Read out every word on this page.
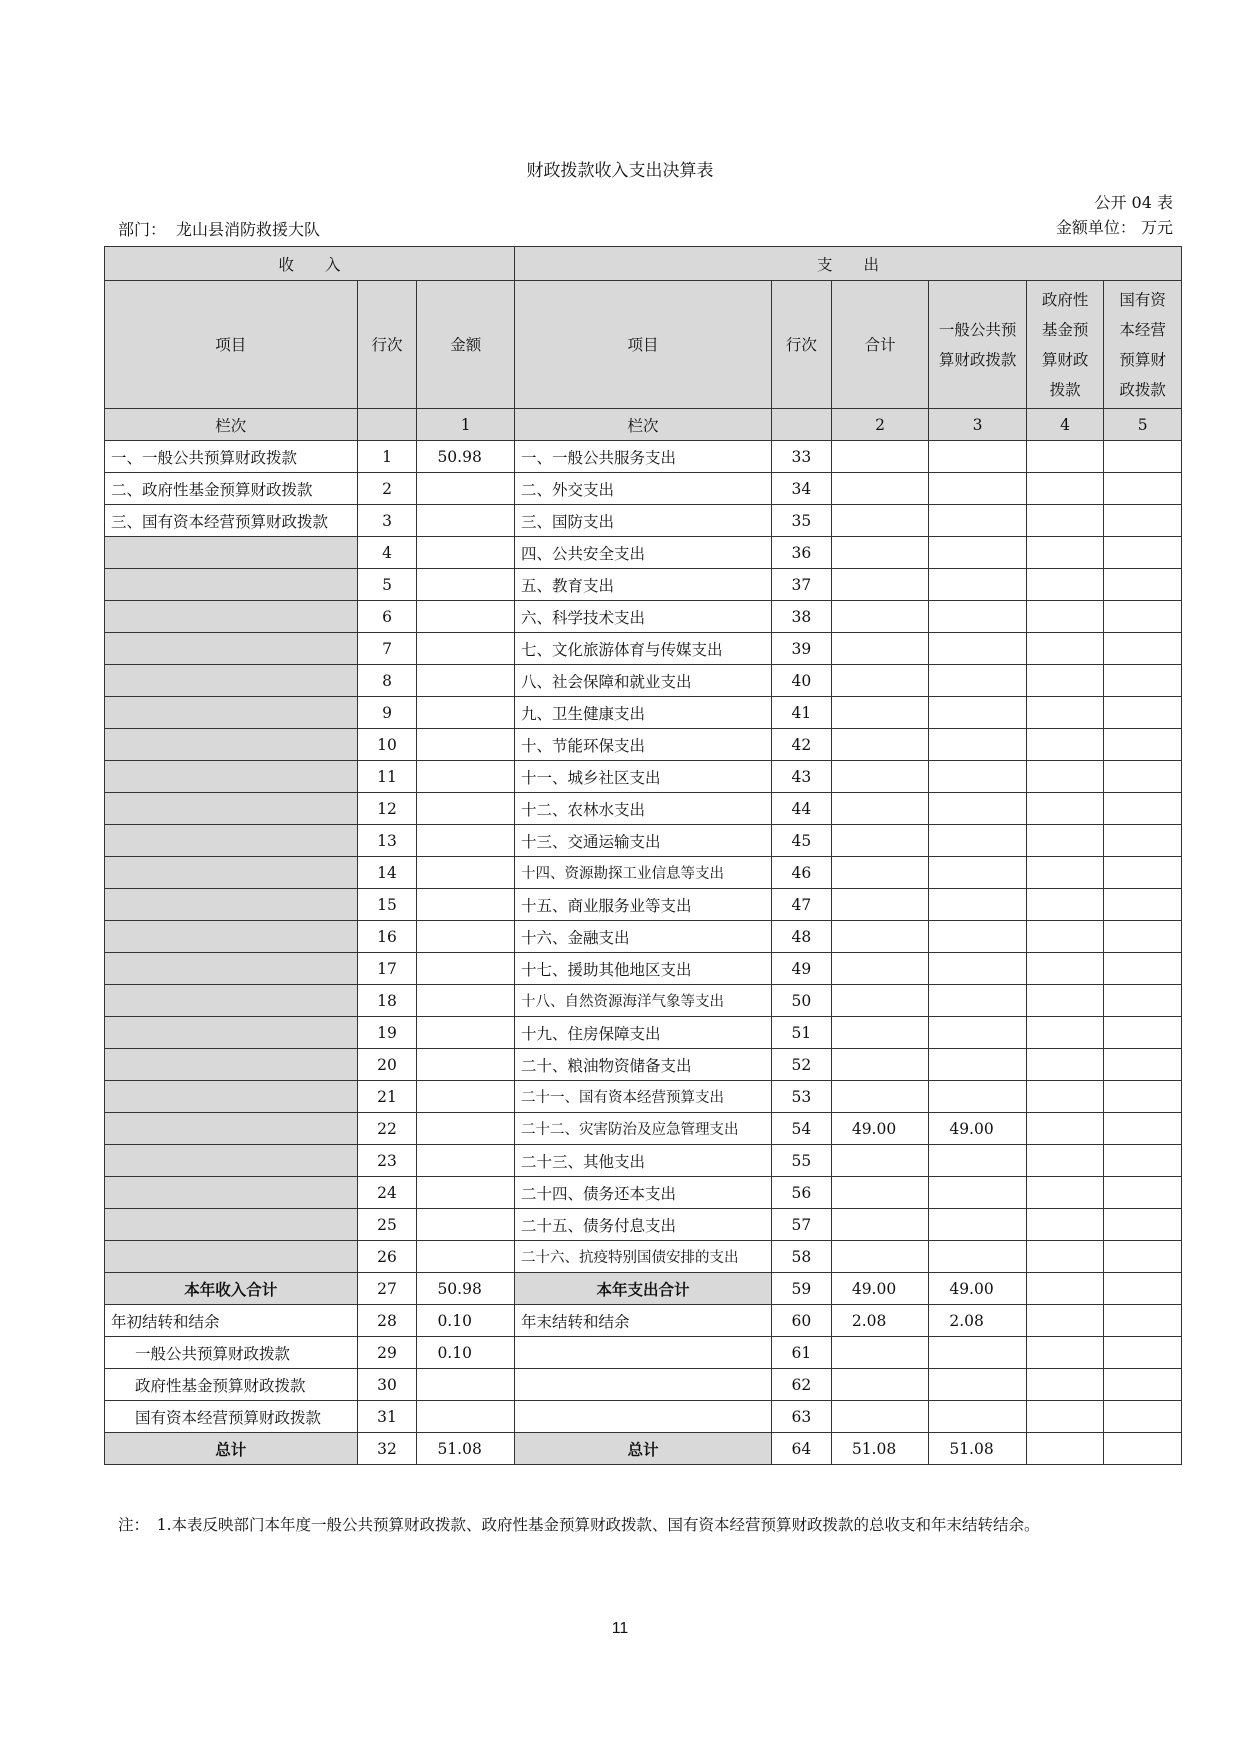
财政拨款收入支出决算表
公开 04 表
部门： 龙山县消防救援大队	金额单位： 万元
收　　入			支　　出					
项目	行次	金额	项目	行次	合计	一般公共预算财政拨款	政府性基金预算财政拨款	国有资本经营预算财政拨款
栏次		1	栏次		2	3	4	5
一、一般公共预算财政拨款	1	50.98	一、一般公共服务支出	33				
二、政府性基金预算财政拨款	2		二、外交支出	34				
三、国有资本经营预算财政拨款	3		三、国防支出	35				
	4		四、公共安全支出	36				
	5		五、教育支出	37				
	6		六、科学技术支出	38				
	7		七、文化旅游体育与传媒支出	39				
	8		八、社会保障和就业支出	40				
	9		九、卫生健康支出	41				
	10		十、节能环保支出	42				
	11		十一、城乡社区支出	43				
	12		十二、农林水支出	44				
	13		十三、交通运输支出	45				
	14		十四、资源勘探工业信息等支出	46				
	15		十五、商业服务业等支出	47				
	16		十六、金融支出	48				
	17		十七、援助其他地区支出	49				
	18		十八、自然资源海洋气象等支出	50				
	19		十九、住房保障支出	51				
	20		二十、粮油物资储备支出	52				
	21		二十一、国有资本经营预算支出	53				
	22		二十二、灾害防治及应急管理支出	54	49.00	49.00		
	23		二十三、其他支出	55				
	24		二十四、债务还本支出	56				
	25		二十五、债务付息支出	57				
	26		二十六、抗疫特别国债安排的支出	58				
本年收入合计	27	50.98	本年支出合计	59	49.00	49.00		
年初结转和结余	28	0.10	年末结转和结余	60	2.08	2.08		
一般公共预算财政拨款	29	0.10		61				
政府性基金预算财政拨款	30			62				
国有资本经营预算财政拨款	31			63				
总计	32	51.08	总计	64	51.08	51.08		
注：　1.本表反映部门本年度一般公共预算财政拨款、政府性基金预算财政拨款、国有资本经营预算财政拨款的总收支和年末结转结余。
11
